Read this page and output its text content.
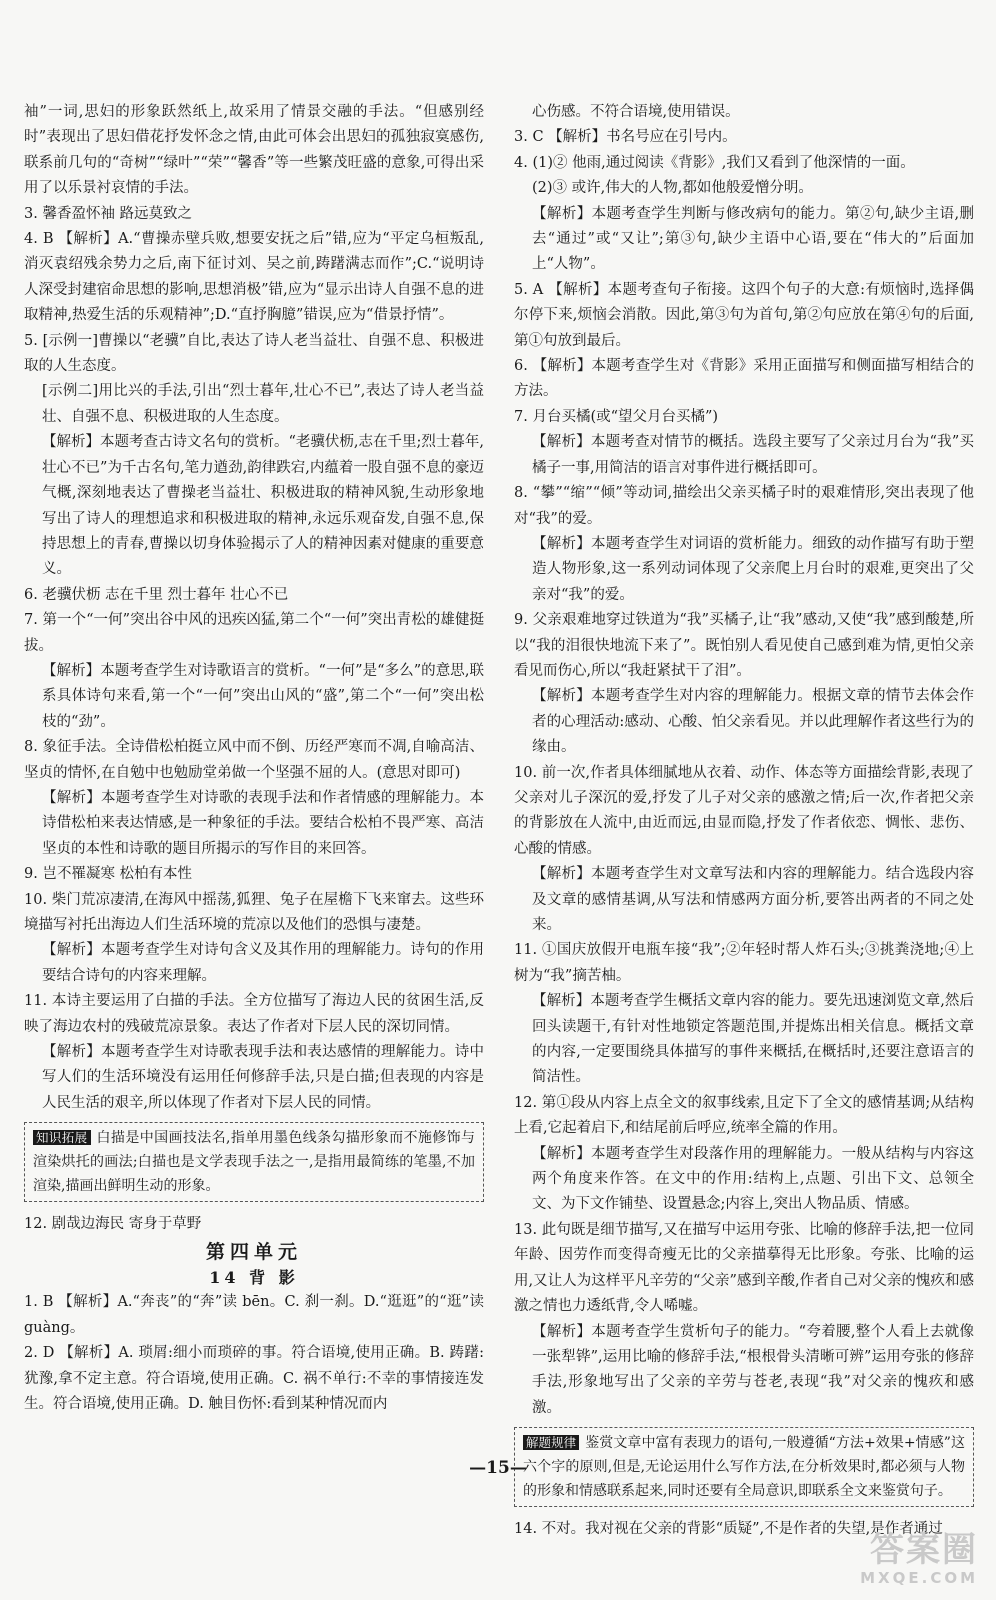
袖”一词,思妇的形象跃然纸上,故采用了情景交融的手法。“但感别经时”表现出了思妇借花抒发怀念之情,由此可体会出思妇的孤独寂寞感伤,联系前几句的“奇树”“绿叶”“荣”“馨香”等一些繁茂旺盛的意象,可得出采用了以乐景衬哀情的手法。

3. 馨香盈怀袖 路远莫致之

4. B 【解析】A.“曹操赤壁兵败,想要安抚之后”错,应为“平定乌桓叛乱,消灭袁绍残余势力之后,南下征讨刘、吴之前,踌躇满志而作”;C.“说明诗人深受封建宿命思想的影响,思想消极”错,应为“显示出诗人自强不息的进取精神,热爱生活的乐观精神”;D.“直抒胸臆”错误,应为“借景抒情”。

5. [示例一]曹操以“老骥”自比,表达了诗人老当益壮、自强不息、积极进取的人生态度。

[示例二]用比兴的手法,引出“烈士暮年,壮心不已”,表达了诗人老当益壮、自强不息、积极进取的人生态度。

【解析】本题考查古诗文名句的赏析。“老骥伏枥,志在千里;烈士暮年,壮心不已”为千古名句,笔力遒劲,韵律跌宕,内蕴着一股自强不息的豪迈气概,深刻地表达了曹操老当益壮、积极进取的精神风貌,生动形象地写出了诗人的理想追求和积极进取的精神,永远乐观奋发,自强不息,保持思想上的青春,曹操以切身体验揭示了人的精神因素对健康的重要意义。

6. 老骥伏枥 志在千里 烈士暮年 壮心不已

7. 第一个“一何”突出谷中风的迅疾凶猛,第二个“一何”突出青松的雄健挺拔。

【解析】本题考查学生对诗歌语言的赏析。“一何”是“多么”的意思,联系具体诗句来看,第一个“一何”突出山风的“盛”,第二个“一何”突出松枝的“劲”。

8. 象征手法。全诗借松柏挺立风中而不倒、历经严寒而不凋,自喻高洁、坚贞的情怀,在自勉中也勉励堂弟做一个坚强不屈的人。(意思对即可)

【解析】本题考查学生对诗歌的表现手法和作者情感的理解能力。本诗借松柏来表达情感,是一种象征的手法。要结合松柏不畏严寒、高洁坚贞的本性和诗歌的题目所揭示的写作目的来回答。

9. 岂不罹凝寒 松柏有本性

10. 柴门荒凉凄清,在海风中摇荡,狐狸、兔子在屋檐下飞来窜去。这些环境描写衬托出海边人们生活环境的荒凉以及他们的恐惧与凄楚。

【解析】本题考查学生对诗句含义及其作用的理解能力。诗句的作用要结合诗句的内容来理解。

11. 本诗主要运用了白描的手法。全方位描写了海边人民的贫困生活,反映了海边农村的残破荒凉景象。表达了作者对下层人民的深切同情。

【解析】本题考查学生对诗歌表现手法和表达感情的理解能力。诗中写人们的生活环境没有运用任何修辞手法,只是白描;但表现的内容是人民生活的艰辛,所以体现了作者对下层人民的同情。

知识拓展 白描是中国画技法名,指单用墨色线条勾描形象而不施修饰与渲染烘托的画法;白描也是文学表现手法之一,是指用最简练的笔墨,不加渲染,描画出鲜明生动的形象。

12. 剧哉边海民 寄身于草野

第四单元

14 背 影

1. B 【解析】A.“奔丧”的“奔”读 bēn。C. 刹一刹。D.“逛逛”的“逛”读 guàng。

2. D 【解析】A. 琐屑:细小而琐碎的事。符合语境,使用正确。B. 踌躇:犹豫,拿不定主意。符合语境,使用正确。C. 祸不单行:不幸的事情接连发生。符合语境,使用正确。D. 触目伤怀:看到某种情况而内

心伤感。不符合语境,使用错误。

3. C 【解析】书名号应在引号内。

4. (1)② 他雨,通过阅读《背影》,我们又看到了他深情的一面。

(2)③ 或许,伟大的人物,都如他般爱憎分明。

【解析】本题考查学生判断与修改病句的能力。第②句,缺少主语,删去“通过”或“又让”;第③句,缺少主语中心语,要在“伟大的”后面加上“人物”。

5. A 【解析】本题考查句子衔接。这四个句子的大意:有烦恼时,选择偶尔停下来,烦恼会消散。因此,第③句为首句,第②句应放在第④句的后面,第①句放到最后。

6. 【解析】本题考查学生对《背影》采用正面描写和侧面描写相结合的方法。

7. 月台买橘(或“望父月台买橘”)

【解析】本题考查对情节的概括。选段主要写了父亲过月台为“我”买橘子一事,用简洁的语言对事件进行概括即可。

8. “攀”“缩”“倾”等动词,描绘出父亲买橘子时的艰难情形,突出表现了他对“我”的爱。

【解析】本题考查学生对词语的赏析能力。细致的动作描写有助于塑造人物形象,这一系列动词体现了父亲爬上月台时的艰难,更突出了父亲对“我”的爱。

9. 父亲艰难地穿过铁道为“我”买橘子,让“我”感动,又使“我”感到酸楚,所以“我的泪很快地流下来了”。既怕别人看见使自己感到难为情,更怕父亲看见而伤心,所以“我赶紧拭干了泪”。

【解析】本题考查学生对内容的理解能力。根据文章的情节去体会作者的心理活动:感动、心酸、怕父亲看见。并以此理解作者这些行为的缘由。

10. 前一次,作者具体细腻地从衣着、动作、体态等方面描绘背影,表现了父亲对儿子深沉的爱,抒发了儿子对父亲的感激之情;后一次,作者把父亲的背影放在人流中,由近而远,由显而隐,抒发了作者依恋、惆怅、悲伤、心酸的情感。

【解析】本题考查学生对文章写法和内容的理解能力。结合选段内容及文章的感情基调,从写法和情感两方面分析,要答出两者的不同之处来。

11. ①国庆放假开电瓶车接“我”;②年轻时帮人炸石头;③挑粪浇地;④上树为“我”摘苦柚。

【解析】本题考查学生概括文章内容的能力。要先迅速浏览文章,然后回头读题干,有针对性地锁定答题范围,并提炼出相关信息。概括文章的内容,一定要围绕具体描写的事件来概括,在概括时,还要注意语言的简洁性。

12. 第①段从内容上点全文的叙事线索,且定下了全文的感情基调;从结构上看,它起着启下,和结尾前后呼应,统率全篇的作用。

【解析】本题考查学生对段落作用的理解能力。一般从结构与内容这两个角度来作答。在文中的作用:结构上,点题、引出下文、总领全文、为下文作铺垫、设置悬念;内容上,突出人物品质、情感。

13. 此句既是细节描写,又在描写中运用夸张、比喻的修辞手法,把一位同年龄、因劳作而变得奇瘦无比的父亲描摹得无比形象。夸张、比喻的运用,又让人为这样平凡辛劳的“父亲”感到辛酸,作者自己对父亲的愧疚和感激之情也力透纸背,令人唏嘘。

【解析】本题考查学生赏析句子的能力。“夸着腰,整个人看上去就像一张犁铧”,运用比喻的修辞手法,“根根骨头清晰可辨”运用夸张的修辞手法,形象地写出了父亲的辛劳与苍老,表现“我”对父亲的愧疚和感激。

解题规律 鉴赏文章中富有表现力的语句,一般遵循“方法+效果+情感”这六个字的原则,但是,无论运用什么写作方法,在分析效果时,都必须与人物的形象和情感联系起来,同时还要有全局意识,即联系全文来鉴赏句子。

14. 不对。我对视在父亲的背影“质疑”,不是作者的失望,是作者通过

—15—
答案圈
MXQE.COM
